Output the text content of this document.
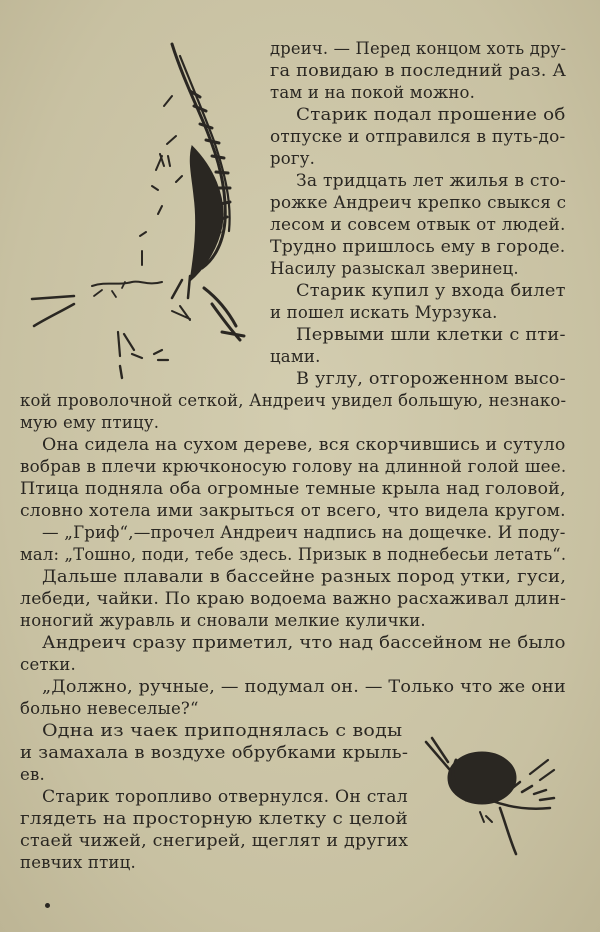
дреич. — Перед концом хоть дру-
га повидаю в последний раз. А
там и на покой можно.
Старик подал прошение об
отпуске и отправился в путь-до-
рогу.
За тридцать лет жилья в сто-
рожке Андреич крепко свыкся с
лесом и совсем отвык от людей.
Трудно пришлось ему в городе.
Насилу разыскал зверинец.
Старик купил у входа билет
и пошел искать Мурзука.
Первыми шли клетки с пти-
цами.
В углу, отгороженном высо-
кой проволочной сеткой, Андреич увидел большую, незнако-
мую ему птицу.
Она сидела на сухом дереве, вся скорчившись и сутуло
вобрав в плечи крючконосую голову на длинной голой шее.
Птица подняла оба огромные темные крыла над головой,
словно хотела ими закрыться от всего, что видела кругом.
— „Гриф“,—прочел Андреич надпись на дощечке. И поду-
мал: „Тошно, поди, тебе здесь. Призык в поднебесьи летать“.
Дальше плавали в бассейне разных пород утки, гуси,
лебеди, чайки. По краю водоема важно расхаживал длин-
ноногий журавль и сновали мелкие кулички.
Андреич сразу приметил, что над бассейном не было
сетки.
„Должно, ручные, — подумал он. — Только что же они
больно невеселые?“
Одна из чаек приподнялась с воды
и замахала в воздухе обрубками крыль-
ев.
Старик торопливо отвернулся. Он стал
глядеть на просторную клетку с целой
стаей чижей, снегирей, щеглят и других
певчих птиц.
